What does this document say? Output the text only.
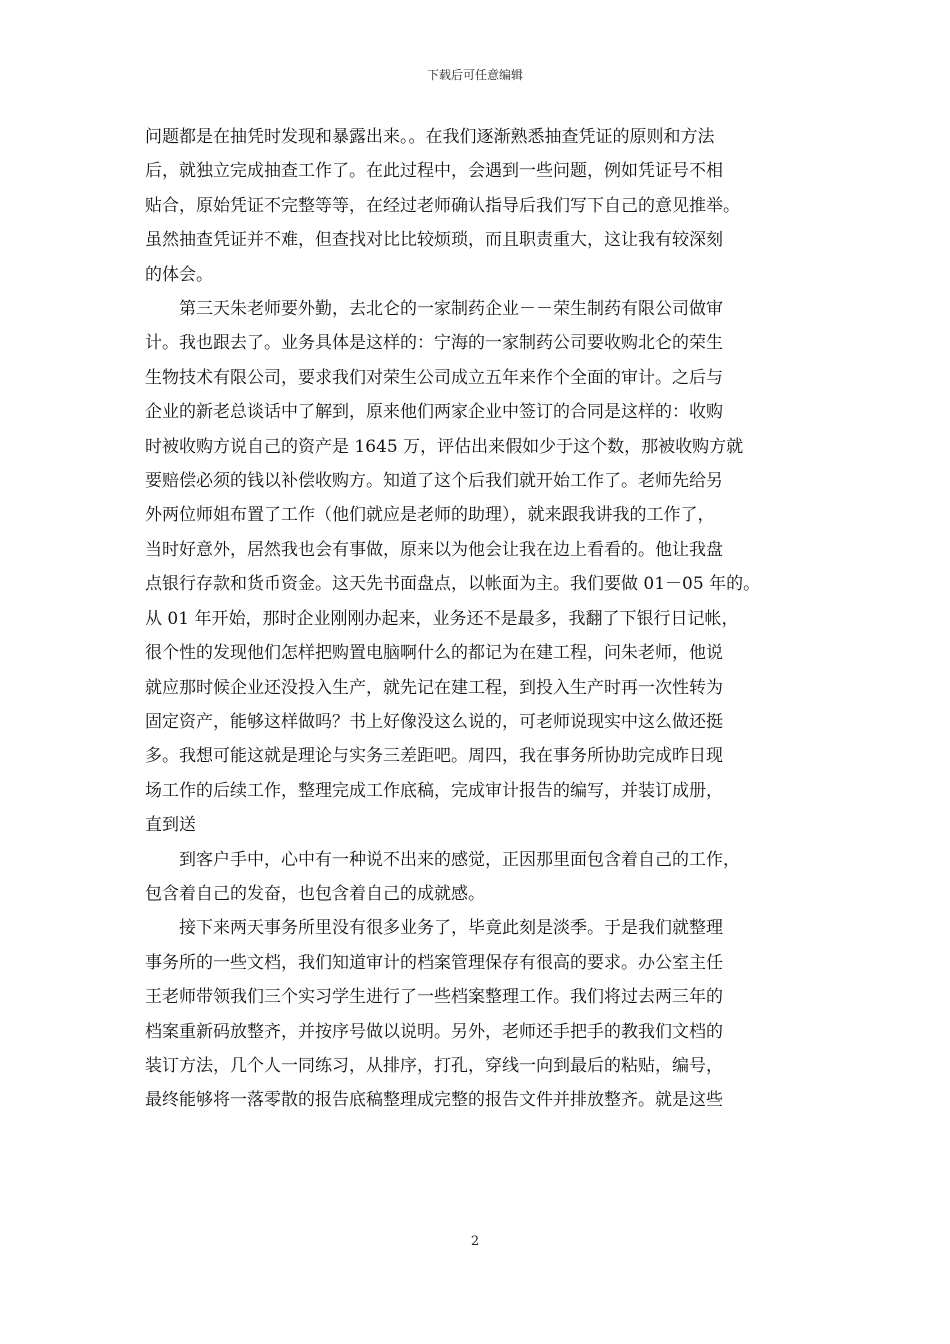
下载后可任意编辑
问题都是在抽凭时发现和暴露出来。。在我们逐渐熟悉抽查凭证的原则和方法
后，就独立完成抽查工作了。在此过程中，会遇到一些问题，例如凭证号不相
贴合，原始凭证不完整等等，在经过老师确认指导后我们写下自己的意见推举。
虽然抽查凭证并不难，但查找对比比较烦琐，而且职责重大，这让我有较深刻
的体会。
　　第三天朱老师要外勤，去北仑的一家制药企业－－荣生制药有限公司做审
计。我也跟去了。业务具体是这样的：宁海的一家制药公司要收购北仑的荣生
生物技术有限公司，要求我们对荣生公司成立五年来作个全面的审计。之后与
企业的新老总谈话中了解到，原来他们两家企业中签订的合同是这样的：收购
时被收购方说自己的资产是 1645 万，评估出来假如少于这个数，那被收购方就
要赔偿必须的钱以补偿收购方。知道了这个后我们就开始工作了。老师先给另
外两位师姐布置了工作（他们就应是老师的助理），就来跟我讲我的工作了，
当时好意外，居然我也会有事做，原来以为他会让我在边上看看的。他让我盘
点银行存款和货币资金。这天先书面盘点，以帐面为主。我们要做 01－05 年的。
从 01 年开始，那时企业刚刚办起来，业务还不是最多，我翻了下银行日记帐，
很个性的发现他们怎样把购置电脑啊什么的都记为在建工程，问朱老师，他说
就应那时候企业还没投入生产，就先记在建工程，到投入生产时再一次性转为
固定资产，能够这样做吗？书上好像没这么说的，可老师说现实中这么做还挺
多。我想可能这就是理论与实务三差距吧。周四，我在事务所协助完成昨日现
场工作的后续工作，整理完成工作底稿，完成审计报告的编写，并装订成册，
直到送
　　到客户手中，心中有一种说不出来的感觉，正因那里面包含着自己的工作，
包含着自己的发奋，也包含着自己的成就感。
　　接下来两天事务所里没有很多业务了，毕竟此刻是淡季。于是我们就整理
事务所的一些文档，我们知道审计的档案管理保存有很高的要求。办公室主任
王老师带领我们三个实习学生进行了一些档案整理工作。我们将过去两三年的
档案重新码放整齐，并按序号做以说明。另外，老师还手把手的教我们文档的
装订方法，几个人一同练习，从排序，打孔，穿线一向到最后的粘贴，编号，
最终能够将一落零散的报告底稿整理成完整的报告文件并排放整齐。就是这些
2
